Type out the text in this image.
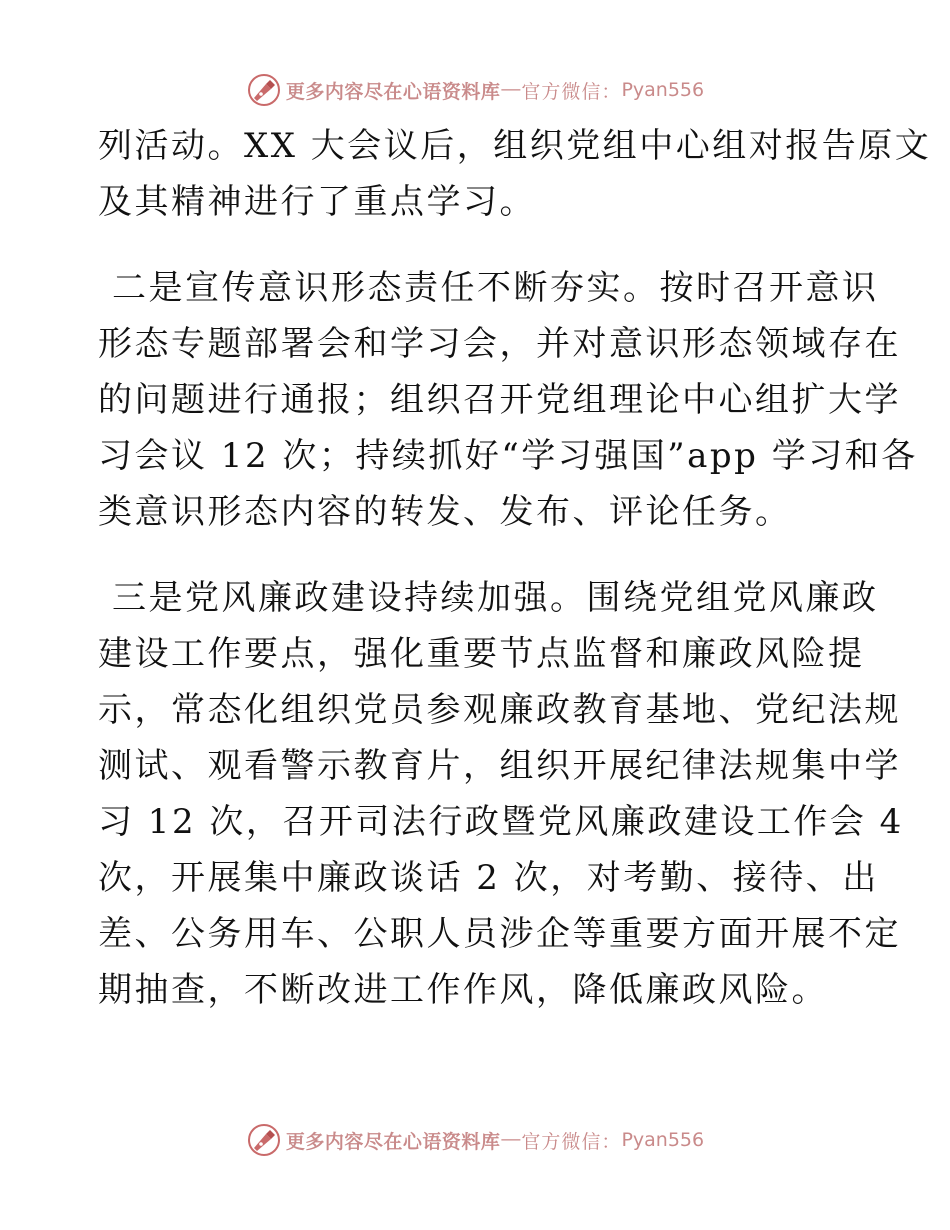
更多内容尽在心语资料库 — 官方微信： Pyan556
列活动。XX 大会议后，组织党组中心组对报告原文
及其精神进行了重点学习。
二是宣传意识形态责任不断夯实。按时召开意识
形态专题部署会和学习会，并对意识形态领域存在
的问题进行通报；组织召开党组理论中心组扩大学
习会议 12 次；持续抓好“学习强国”app 学习和各
类意识形态内容的转发、发布、评论任务。
三是党风廉政建设持续加强。围绕党组党风廉政
建设工作要点，强化重要节点监督和廉政风险提
示，常态化组织党员参观廉政教育基地、党纪法规
测试、观看警示教育片，组织开展纪律法规集中学
习 12 次，召开司法行政暨党风廉政建设工作会 4
次，开展集中廉政谈话 2 次，对考勤、接待、出
差、公务用车、公职人员涉企等重要方面开展不定
期抽查，不断改进工作作风，降低廉政风险。
更多内容尽在心语资料库 — 官方微信： Pyan556
